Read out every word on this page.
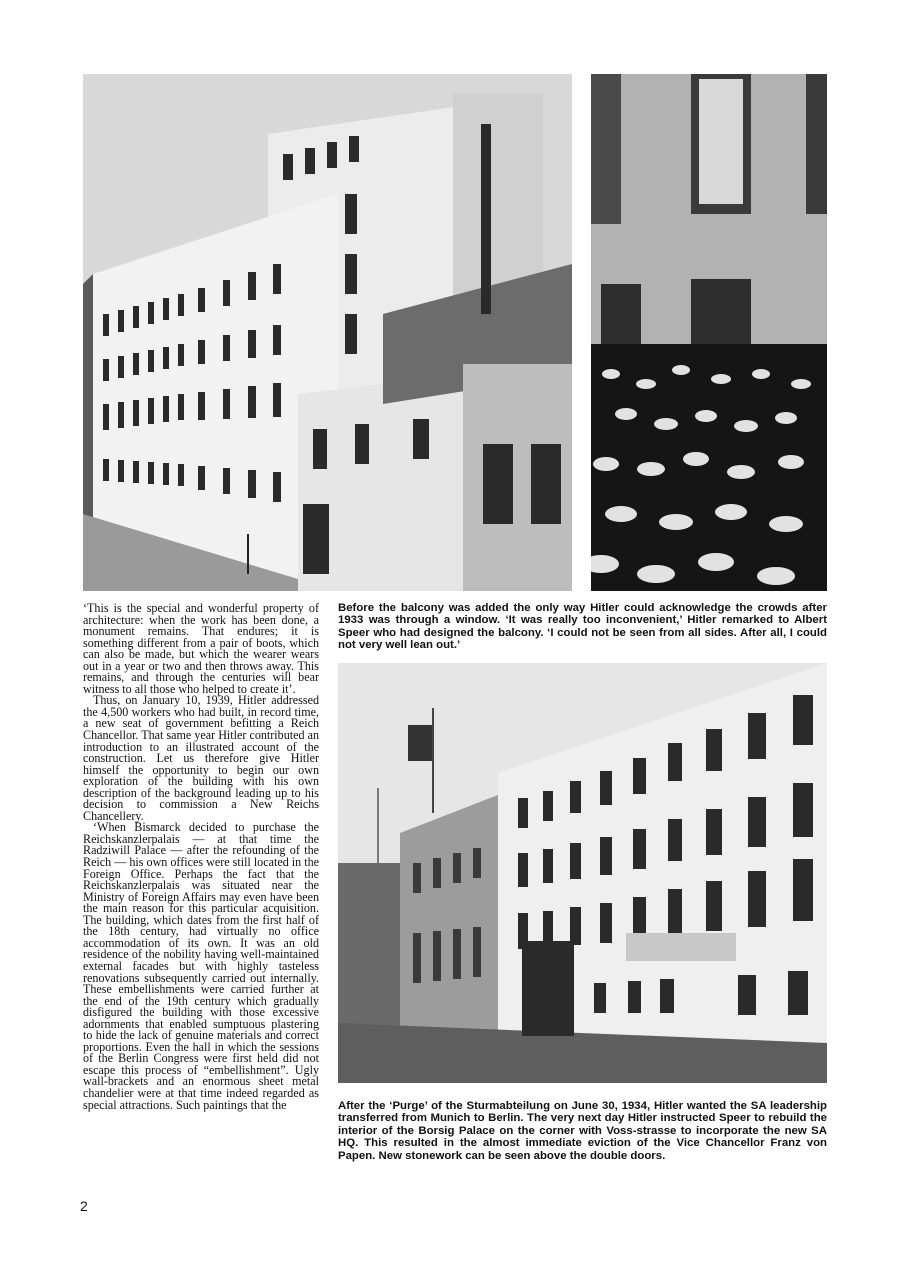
‘This is the special and wonderful property of architecture: when the work has been done, a monument remains. That endures; it is something different from a pair of boots, which can also be made, but which the wearer wears out in a year or two and then throws away. This remains, and through the centuries will bear witness to all those who helped to create it’.

Thus, on January 10, 1939, Hitler addressed the 4,500 workers who had built, in record time, a new seat of government befitting a Reich Chancellor. That same year Hitler contributed an introduction to an illustrated account of the construction. Let us therefore give Hitler himself the opportunity to begin our own exploration of the building with his own description of the background leading up to his decision to commission a New Reichs Chancellery.

‘When Bismarck decided to purchase the Reichskanzlerpalais — at that time the Radziwill Palace — after the refounding of the Reich — his own offices were still located in the Foreign Office. Perhaps the fact that the Reichskanzlerpalais was situated near the Ministry of Foreign Affairs may even have been the main reason for this particular acquisition. The building, which dates from the first half of the 18th century, had virtually no office accommodation of its own. It was an old residence of the nobility having well-maintained external facades but with highly tasteless renovations subsequently carried out internally. These embellishments were carried further at the end of the 19th century which gradually disfigured the building with those excessive adornments that enabled sumptuous plastering to hide the lack of genuine materials and correct proportions. Even the hall in which the sessions of the Berlin Congress were first held did not escape this process of “embellishment”. Ugly wall-brackets and an enormous sheet metal chandelier were at that time indeed regarded as special attractions. Such paintings that the

Before the balcony was added the only way Hitler could acknowledge the crowds after 1933 was through a window. ‘It was really too inconvenient,’ Hitler remarked to Albert Speer who had designed the balcony. ‘I could not be seen from all sides. After all, I could not very well lean out.’
After the ‘Purge’ of the Sturmabteilung on June 30, 1934, Hitler wanted the SA leadership transferred from Munich to Berlin. The very next day Hitler instructed Speer to rebuild the interior of the Borsig Palace on the corner with Voss-strasse to incorporate the new SA HQ. This resulted in the almost immediate eviction of the Vice Chancellor Franz von Papen. New stonework can be seen above the double doors.
2
